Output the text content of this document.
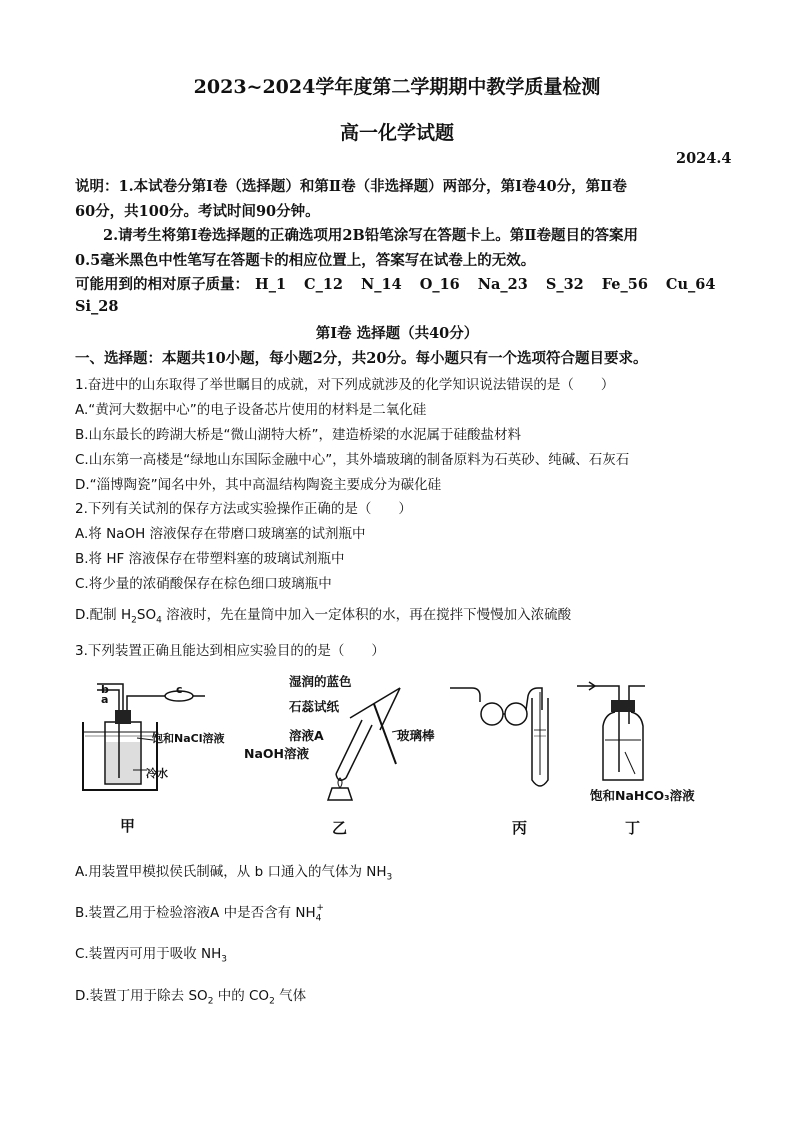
2023~2024学年度第二学期期中教学质量检测
高一化学试题
2024.4
说明：1.本试卷分第Ⅰ卷（选择题）和第Ⅱ卷（非选择题）两部分，第Ⅰ卷40分，第Ⅱ卷
60分，共100分。考试时间90分钟。
2.请考生将第Ⅰ卷选择题的正确选项用2B铅笔涂写在答题卡上。第Ⅱ卷题目的答案用
0.5毫米黑色中性笔写在答题卡的相应位置上，答案写在试卷上的无效。
可能用到的相对原子质量： H_1 C_12 N_14 O_16 Na_23 S_32 Fe_56 Cu_64
Si_28
第Ⅰ卷 选择题（共40分）
一、选择题：本题共10小题，每小题2分，共20分。每小题只有一个选项符合题目要求。
1.奋进中的山东取得了举世瞩目的成就，对下列成就涉及的化学知识说法错误的是（　　）
A.“黄河大数据中心”的电子设备芯片使用的材料是二氧化硅
B.山东最长的跨湖大桥是“微山湖特大桥”，建造桥梁的水泥属于硅酸盐材料
C.山东第一高楼是“绿地山东国际金融中心”，其外墙玻璃的制备原料为石英砂、纯碱、石灰石
D.“淄博陶瓷”闻名中外，其中高温结构陶瓷主要成分为碳化硅
2.下列有关试剂的保存方法或实验操作正确的是（　　）
A.将 NaOH 溶液保存在带磨口玻璃塞的试剂瓶中
B.将 HF 溶液保存在带塑料塞的玻璃试剂瓶中
C.将少量的浓硝酸保存在棕色细口玻璃瓶中
D.配制 $H_2SO_4$ 溶液时，先在量筒中加入一定体积的水，再在搅拌下慢慢加入浓硫酸
3.下列装置正确且能达到相应实验目的的是（　　）
b
a
c
饱和NaCl溶液
冷水
甲
湿润的蓝色
石蕊试纸
玻璃棒
溶液A
NaOH溶液
乙	丙
饱和NaHCO₃溶液
丁
A.用装置甲模拟侯氏制碱，从 b 口通入的气体为 $NH_3$
B.装置乙用于检验溶液A 中是否含有 $NH_4^+$
C.装置丙可用于吸收 $NH_3$
D.装置丁用于除去 $SO_2$ 中的 $CO_2$ 气体
